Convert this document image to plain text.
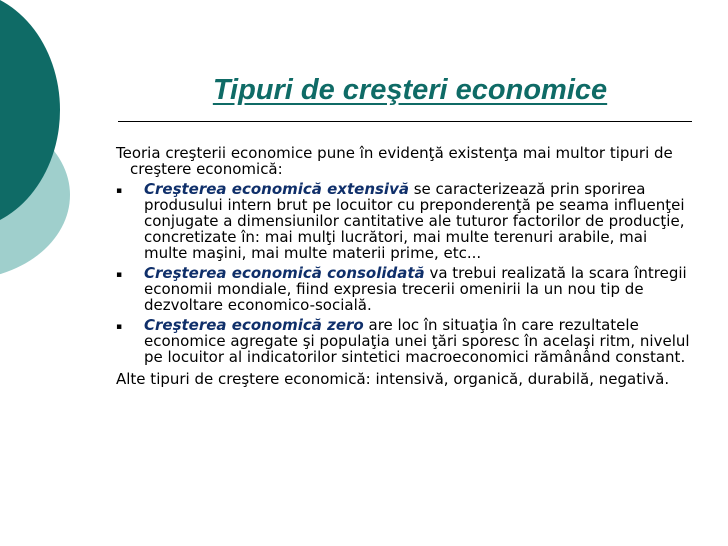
Tipuri de creşteri economice

Teoria creşterii economice pune în evidenţă existenţa mai multor tipuri de creştere economică:

▪ Creşterea economică extensivă se caracterizează prin sporirea produsului intern brut pe locuitor cu preponderenţă pe seama influenţei conjugate a dimensiunilor cantitative ale tuturor factorilor de producţie, concretizate în: mai mulţi lucrători, mai multe terenuri arabile, mai multe maşini, mai multe materii prime, etc...
▪ Creşterea economică consolidată va trebui realizată la scara întregii economii mondiale, fiind expresia trecerii omenirii la un nou tip de dezvoltare economico-socială.
▪ Creşterea economică zero are loc în situaţia în care rezultatele economice agregate şi populaţia unei ţări sporesc în acelaşi ritm, nivelul pe locuitor al indicatorilor sintetici macroeconomici rămânând constant.

Alte tipuri de creştere economică: intensivă, organică, durabilă, negativă.
